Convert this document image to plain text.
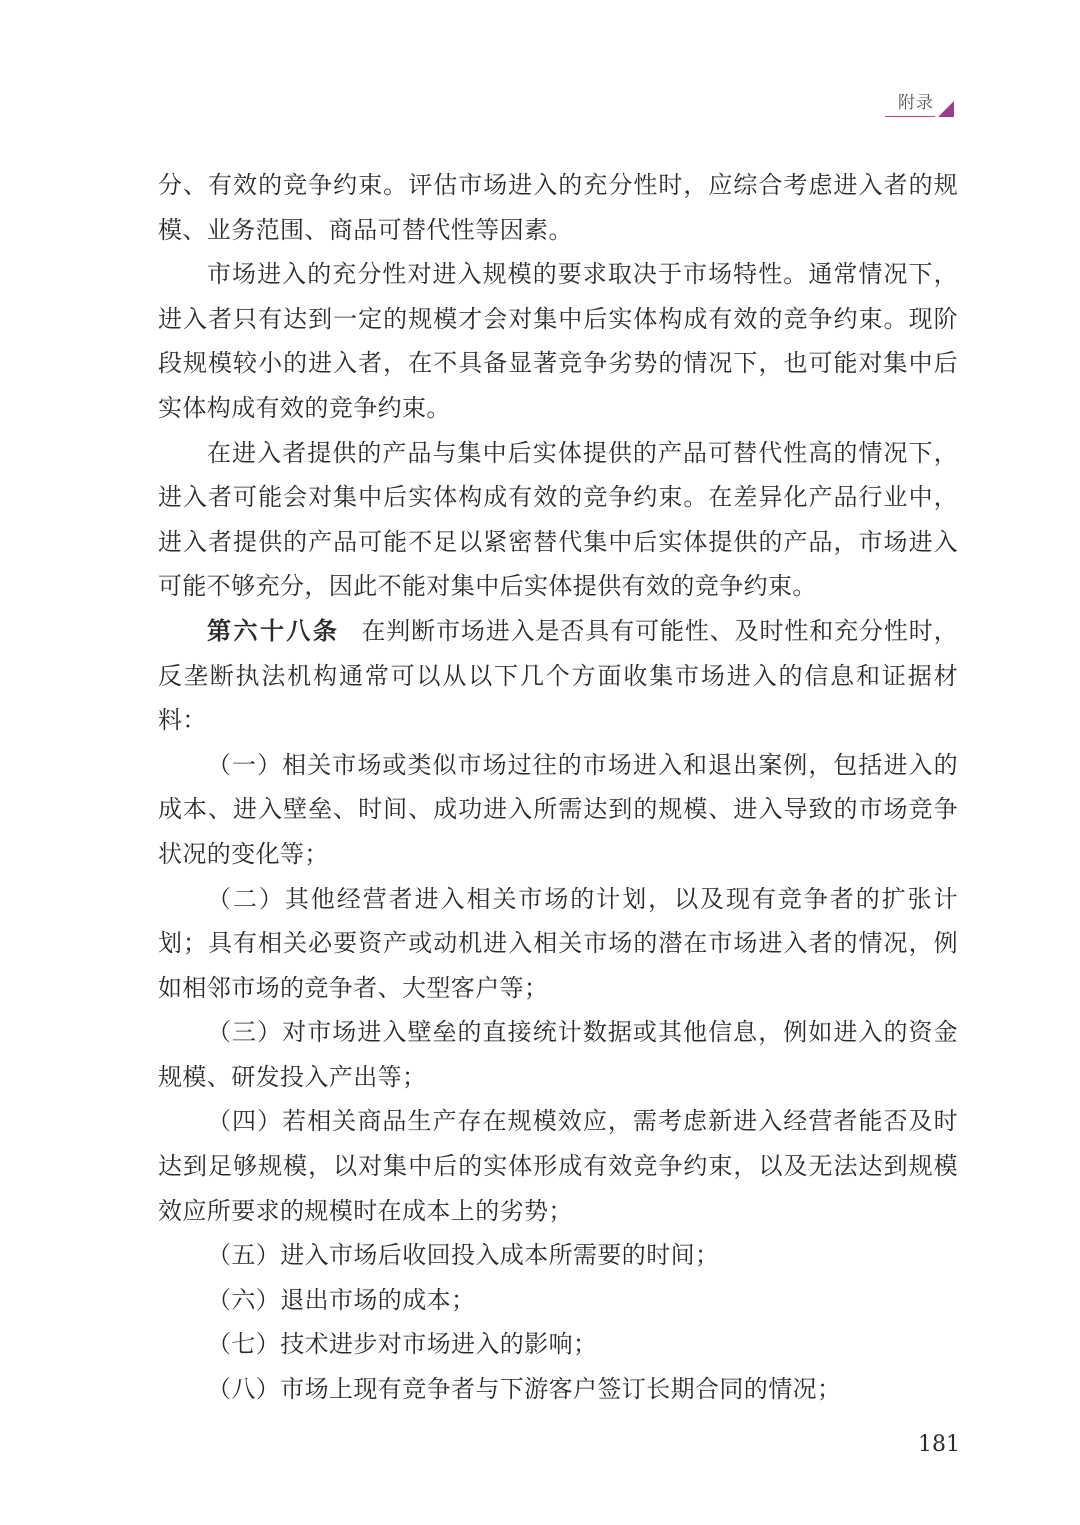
附录

分、有效的竞争约束。评估市场进入的充分性时，应综合考虑进入者的规模、业务范围、商品可替代性等因素。

市场进入的充分性对进入规模的要求取决于市场特性。通常情况下，进入者只有达到一定的规模才会对集中后实体构成有效的竞争约束。现阶段规模较小的进入者，在不具备显著竞争劣势的情况下，也可能对集中后实体构成有效的竞争约束。

在进入者提供的产品与集中后实体提供的产品可替代性高的情况下，进入者可能会对集中后实体构成有效的竞争约束。在差异化产品行业中，进入者提供的产品可能不足以紧密替代集中后实体提供的产品，市场进入可能不够充分，因此不能对集中后实体提供有效的竞争约束。

第六十八条 在判断市场进入是否具有可能性、及时性和充分性时，反垄断执法机构通常可以从以下几个方面收集市场进入的信息和证据材料：

（一）相关市场或类似市场过往的市场进入和退出案例，包括进入的成本、进入壁垒、时间、成功进入所需达到的规模、进入导致的市场竞争状况的变化等；

（二）其他经营者进入相关市场的计划，以及现有竞争者的扩张计划；具有相关必要资产或动机进入相关市场的潜在市场进入者的情况，例如相邻市场的竞争者、大型客户等；

（三）对市场进入壁垒的直接统计数据或其他信息，例如进入的资金规模、研发投入产出等；

（四）若相关商品生产存在规模效应，需考虑新进入经营者能否及时达到足够规模，以对集中后的实体形成有效竞争约束，以及无法达到规模效应所要求的规模时在成本上的劣势；

（五）进入市场后收回投入成本所需要的时间；

（六）退出市场的成本；

（七）技术进步对市场进入的影响；

（八）市场上现有竞争者与下游客户签订长期合同的情况；

181
